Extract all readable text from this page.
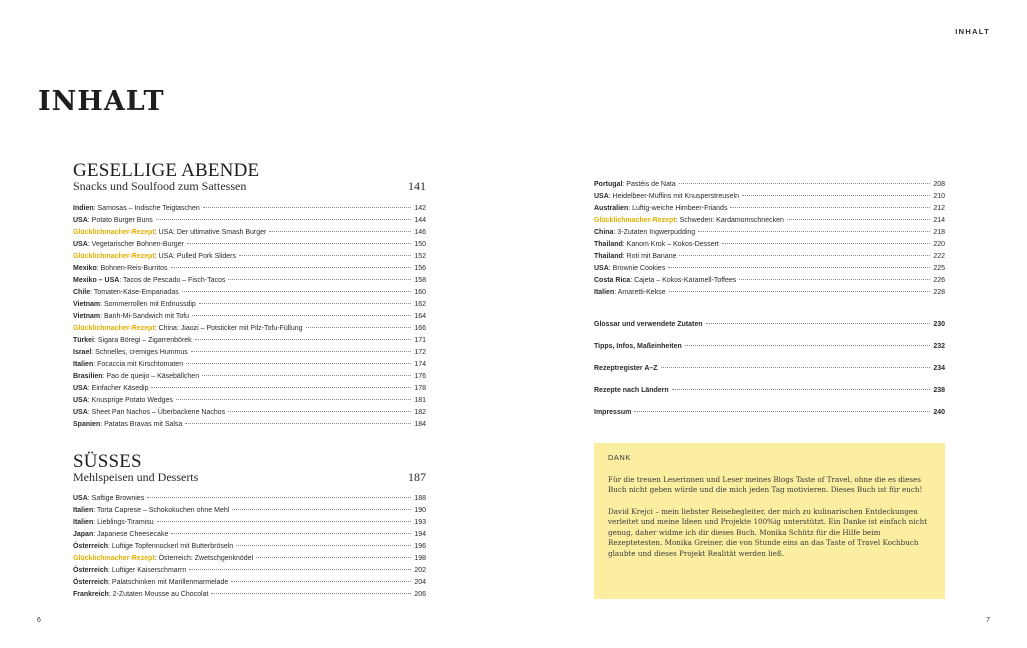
INHALT
INHALT
GESELLIGE ABENDE
Snacks und Soulfood zum Sattessen	141
Indien: Samosas – Indische Teigtaschen	142
USA: Potato Burger Buns	144
Glücklichmacher-Rezept: USA: Der ultimative Smash Burger	146
USA: Vegetarischer Bohnen-Burger	150
Glücklichmacher-Rezept: USA: Pulled Pork Sliders	152
Mexiko: Bohnen-Reis-Burritos	156
Mexiko – USA: Tacos de Pescado – Fisch-Tacos	158
Chile: Tomaten-Käse-Empanadas	160
Vietnam: Sommerrollen mit Erdnussdip	162
Vietnam: Banh-Mi-Sandwich mit Tofu	164
Glücklichmacher-Rezept: China: Jiaozi – Potsticker mit Pilz-Tofu-Füllung	166
Türkei: Sigara Böregi – Zigarrenbörek	171
Israel: Schnelles, cremiges Hummus	172
Italien: Focaccia mit Kirschtomaten	174
Brasilien: Pao de queijo – Käsebällchen	176
USA: Einfacher Käsedip	178
USA: Knusprige Potato Wedges	181
USA: Sheet Pan Nachos – Überbackene Nachos	182
Spanien: Patatas Bravas mit Salsa	184
SÜSSES
Mehlspeisen und Desserts	187
USA: Saftige Brownies	188
Italien: Torta Caprese – Schokokuchen ohne Mehl	190
Italien: Lieblings-Tiramisu	193
Japan: Japanese Cheesecake	194
Österreich: Luftige Topfennockerl mit Butterbröseln	196
Glücklichmacher-Rezept: Österreich: Zwetschgenknödel	198
Österreich: Luftiger Kaiserschmarrn	202
Österreich: Palatschinken mit Marillenmarmelade	204
Frankreich: 2-Zutaten Mousse au Chocolat	206
Portugal: Pastéis de Nata	208
USA: Heidelbeer-Muffins mit Knusperstreuseln	210
Australien: Luftig-weiche Himbeer-Friands	212
Glücklichmacher-Rezept: Schweden: Kardamomschnecken	214
China: 3-Zutaten Ingwerpudding	218
Thailand: Kanom Krok – Kokos-Dessert	220
Thailand: Roti mit Banane	222
USA: Brownie Cookies	225
Costa Rica: Cajeta – Kokos-Karamell-Toffees	226
Italien: Amaretti-Kekse	228
Glossar und verwendete Zutaten	230
Tipps, Infos, Maßeinheiten	232
Rezeptregister A–Z	234
Rezepte nach Ländern	238
Impressum	240
DANK

Für die treuen Leserinnen und Leser meines Blogs Taste of Travel, ohne die es dieses Buch nicht geben würde und die mich jeden Tag motivieren. Dieses Buch ist für euch!

David Krejci – mein liebster Reisebegleiter, der mich zu kulinarischen Entdeckungen verleitet und meine Ideen und Projekte 100%ig unterstützt. Ein Danke ist einfach nicht genug, daher widme ich dir dieses Buch. Monika Schütz für die Hilfe beim Rezeptetesten. Monika Greiner, die von Stunde eins an das Taste of Travel Kochbuch glaubte und dieses Projekt Realität werden ließ.

6	7
